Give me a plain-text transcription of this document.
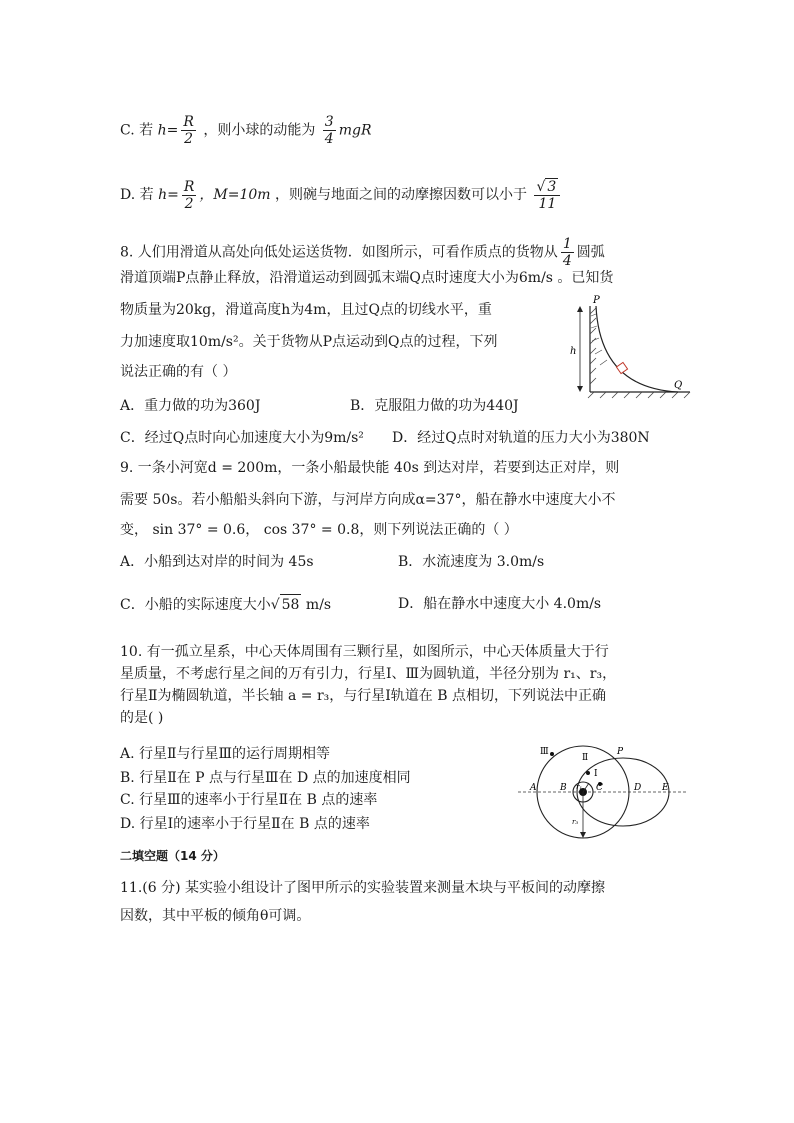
C. 若 $h= \frac{R}{2}$ ，则小球的动能为 $\frac{3}{4}$ mgR
D. 若 $h= \frac{R}{2}$ ，M=10m ，则碗与地面之间的动摩擦因数可以小于 $\frac{√ 3}{11}$
8. 人们用滑道从高处向低处运送货物．如图所示，可看作质点的货物从 $\frac{1}{4}$ 圆弧
滑道顶端P点静止释放，沿滑道运动到圆弧末端Q点时速度大小为6m/s 。已知货
物质量为20kg，滑道高度h为4m，且过Q点的切线水平，重
力加速度取10m/s²。关于货物从P点运动到Q点的过程，下列
说法正确的有（ ）
A．重力做的功为360J	B．克服阻力做的功为440J
C．经过Q点时向心加速度大小为9m/s² D．经过Q点时对轨道的压力大小为380N
h
P
Q
9. 一条小河宽d = 200m，一条小船最快能 40s 到达对岸，若要到达正对岸，则
需要 50s。若小船船头斜向下游，与河岸方向成α=37°，船在静水中速度大小不
变， sin 37° = 0.6， cos 37° = 0.8，则下列说法正确的（ ）
A．小船到达对岸的时间为 45s	B．水流速度为 3.0m/s
C．小船的实际速度大小√ 58 m/s	D．船在静水中速度大小 4.0m/s
10. 有一孤立星系，中心天体周围有三颗行星，如图所示，中心天体质量大于行
星质量，不考虑行星之间的万有引力，行星Ⅰ、Ⅲ为圆轨道，半径分别为 r₁、r₃，
行星Ⅱ为椭圆轨道，半长轴 a = r₃，与行星Ⅰ轨道在 B 点相切，下列说法中正确
的是( )
A. 行星Ⅱ与行星Ⅲ的运行周期相等
B. 行星Ⅱ在 P 点与行星Ⅲ在 D 点的加速度相同
C. 行星Ⅲ的速率小于行星Ⅱ在 B 点的速率
D. 行星Ⅰ的速率小于行星Ⅱ在 B 点的速率
Ⅲ
Ⅱ
Ⅰ
P
A	B	C	D E
r₁
r₃
二填空题（14 分）
11.(6 分) 某实验小组设计了图甲所示的实验装置来测量木块与平板间的动摩擦
因数，其中平板的倾角θ可调。
